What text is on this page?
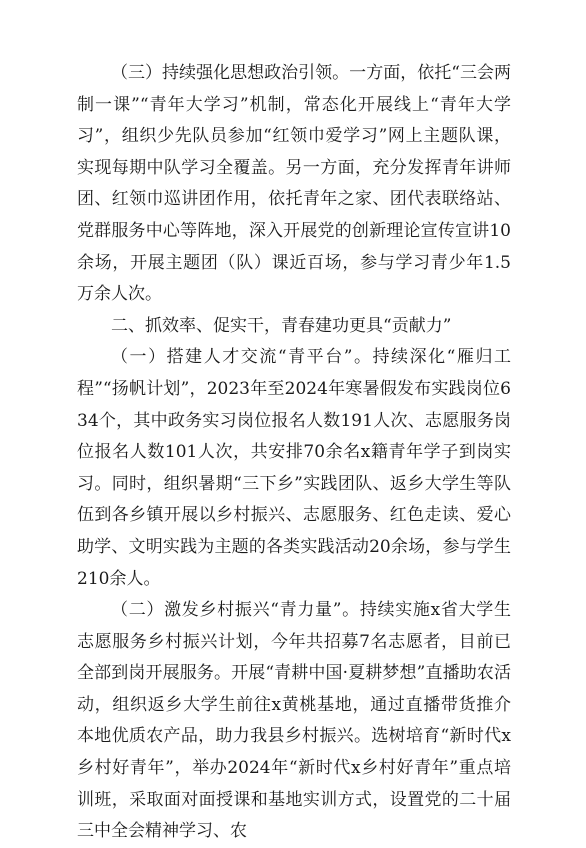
（三）持续强化思想政治引领。一方面，依托“三会两制一课”“青年大学习”机制，常态化开展线上“青年大学习”，组织少先队员参加“红领巾爱学习”网上主题队课，实现每期中队学习全覆盖。另一方面，充分发挥青年讲师团、红领巾巡讲团作用，依托青年之家、团代表联络站、党群服务中心等阵地，深入开展党的创新理论宣传宣讲10余场，开展主题团（队）课近百场，参与学习青少年1.5万余人次。

二、抓效率、促实干，青春建功更具“贡献力”

（一）搭建人才交流“青平台”。持续深化“雁归工程”“扬帆计划”，2023年至2024年寒暑假发布实践岗位634个，其中政务实习岗位报名人数191人次、志愿服务岗位报名人数101人次，共安排70余名x籍青年学子到岗实习。同时，组织暑期“三下乡”实践团队、返乡大学生等队伍到各乡镇开展以乡村振兴、志愿服务、红色走读、爱心助学、文明实践为主题的各类实践活动20余场，参与学生210余人。

（二）激发乡村振兴“青力量”。持续实施x省大学生志愿服务乡村振兴计划，今年共招募7名志愿者，目前已全部到岗开展服务。开展“青耕中国·夏耕梦想”直播助农活动，组织返乡大学生前往x黄桃基地，通过直播带货推介本地优质农产品，助力我县乡村振兴。选树培育“新时代x乡村好青年”，举办2024年“新时代x乡村好青年”重点培训班，采取面对面授课和基地实训方式，设置党的二十届三中全会精神学习、农
